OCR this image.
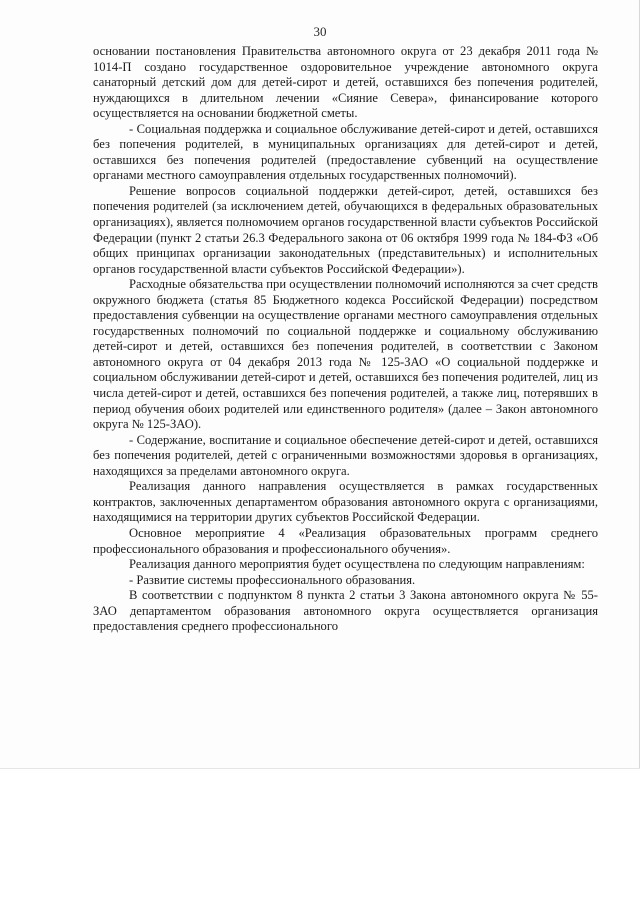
30

основании постановления Правительства автономного округа от 23 декабря 2011 года № 1014-П создано государственное оздоровительное учреждение автономного округа санаторный детский дом для детей-сирот и детей, оставшихся без попечения родителей, нуждающихся в длительном лечении «Сияние Севера», финансирование которого осуществляется на основании бюджетной сметы.

- Социальная поддержка и социальное обслуживание детей-сирот и детей, оставшихся без попечения родителей, в муниципальных организациях для детей-сирот и детей, оставшихся без попечения родителей (предоставление субвенций на осуществление органами местного самоуправления отдельных государственных полномочий).

Решение вопросов социальной поддержки детей-сирот, детей, оставшихся без попечения родителей (за исключением детей, обучающихся в федеральных образовательных организациях), является полномочием органов государственной власти субъектов Российской Федерации (пункт 2 статьи 26.3 Федерального закона от 06 октября 1999 года № 184-ФЗ «Об общих принципах организации законодательных (представительных) и исполнительных органов государственной власти субъектов Российской Федерации»).

Расходные обязательства при осуществлении полномочий исполняются за счет средств окружного бюджета (статья 85 Бюджетного кодекса Российской Федерации) посредством предоставления субвенции на осуществление органами местного самоуправления отдельных государственных полномочий по социальной поддержке и социальному обслуживанию детей-сирот и детей, оставшихся без попечения родителей, в соответствии с Законом автономного округа от 04 декабря 2013 года № 125-ЗАО «О социальной поддержке и социальном обслуживании детей-сирот и детей, оставшихся без попечения родителей, лиц из числа детей-сирот и детей, оставшихся без попечения родителей, а также лиц, потерявших в период обучения обоих родителей или единственного родителя» (далее – Закон автономного округа № 125-ЗАО).

- Содержание, воспитание и социальное обеспечение детей-сирот и детей, оставшихся без попечения родителей, детей с ограниченными возможностями здоровья в организациях, находящихся за пределами автономного округа.

Реализация данного направления осуществляется в рамках государственных контрактов, заключенных департаментом образования автономного округа с организациями, находящимися на территории других субъектов Российской Федерации.

Основное мероприятие 4 «Реализация образовательных программ среднего профессионального образования и профессионального обучения».

Реализация данного мероприятия будет осуществлена по следующим направлениям:

- Развитие системы профессионального образования.

В соответствии с подпунктом 8 пункта 2 статьи 3 Закона автономного округа № 55-ЗАО департаментом образования автономного округа осуществляется организация предоставления среднего профессионального
